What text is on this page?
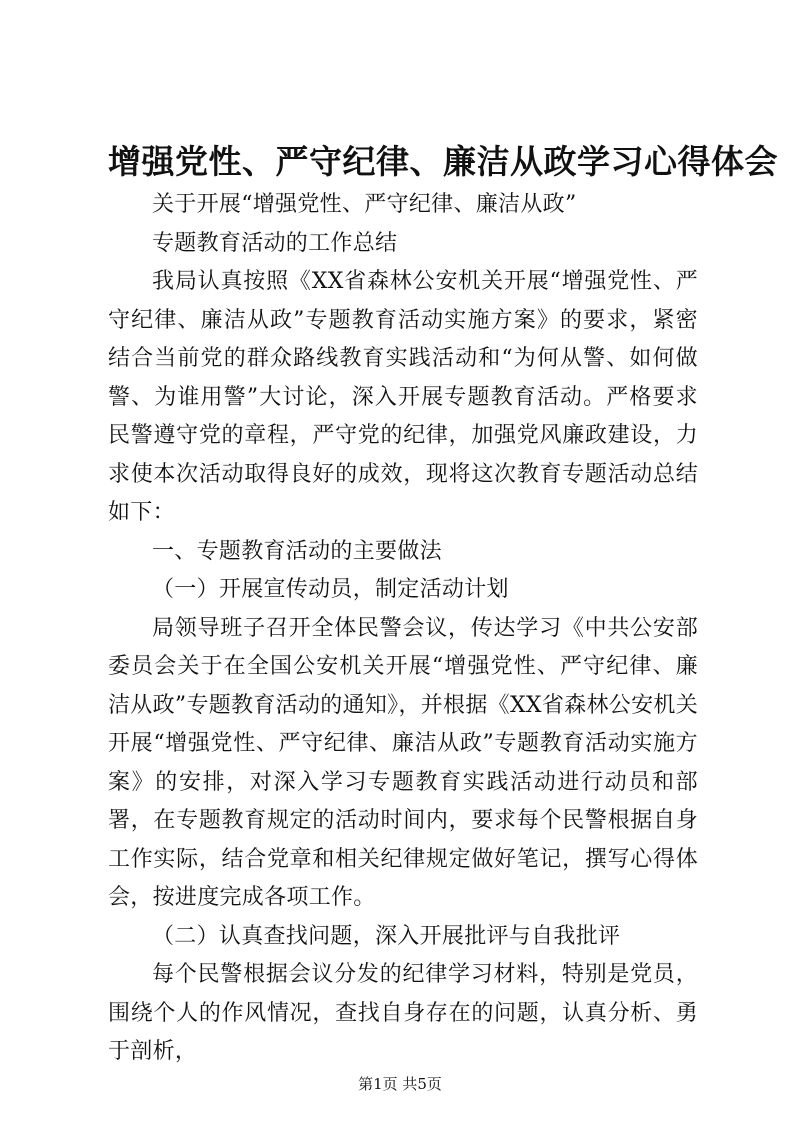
增强党性、严守纪律、廉洁从政学习心得体会

关于开展“增强党性、严守纪律、廉洁从政”

专题教育活动的工作总结

我局认真按照《XX省森林公安机关开展“增强党性、严守纪律、廉洁从政”专题教育活动实施方案》的要求，紧密结合当前党的群众路线教育实践活动和“为何从警、如何做警、为谁用警”大讨论，深入开展专题教育活动。严格要求民警遵守党的章程，严守党的纪律，加强党风廉政建设，力求使本次活动取得良好的成效，现将这次教育专题活动总结如下：

一、专题教育活动的主要做法

（一）开展宣传动员，制定活动计划

局领导班子召开全体民警会议，传达学习《中共公安部委员会关于在全国公安机关开展“增强党性、严守纪律、廉洁从政”专题教育活动的通知》，并根据《XX省森林公安机关开展“增强党性、严守纪律、廉洁从政”专题教育活动实施方案》的安排，对深入学习专题教育实践活动进行动员和部署，在专题教育规定的活动时间内，要求每个民警根据自身工作实际，结合党章和相关纪律规定做好笔记，撰写心得体会，按进度完成各项工作。

（二）认真查找问题，深入开展批评与自我批评

每个民警根据会议分发的纪律学习材料，特别是党员，围绕个人的作风情况，查找自身存在的问题，认真分析、勇于剖析，

第1页 共5页
